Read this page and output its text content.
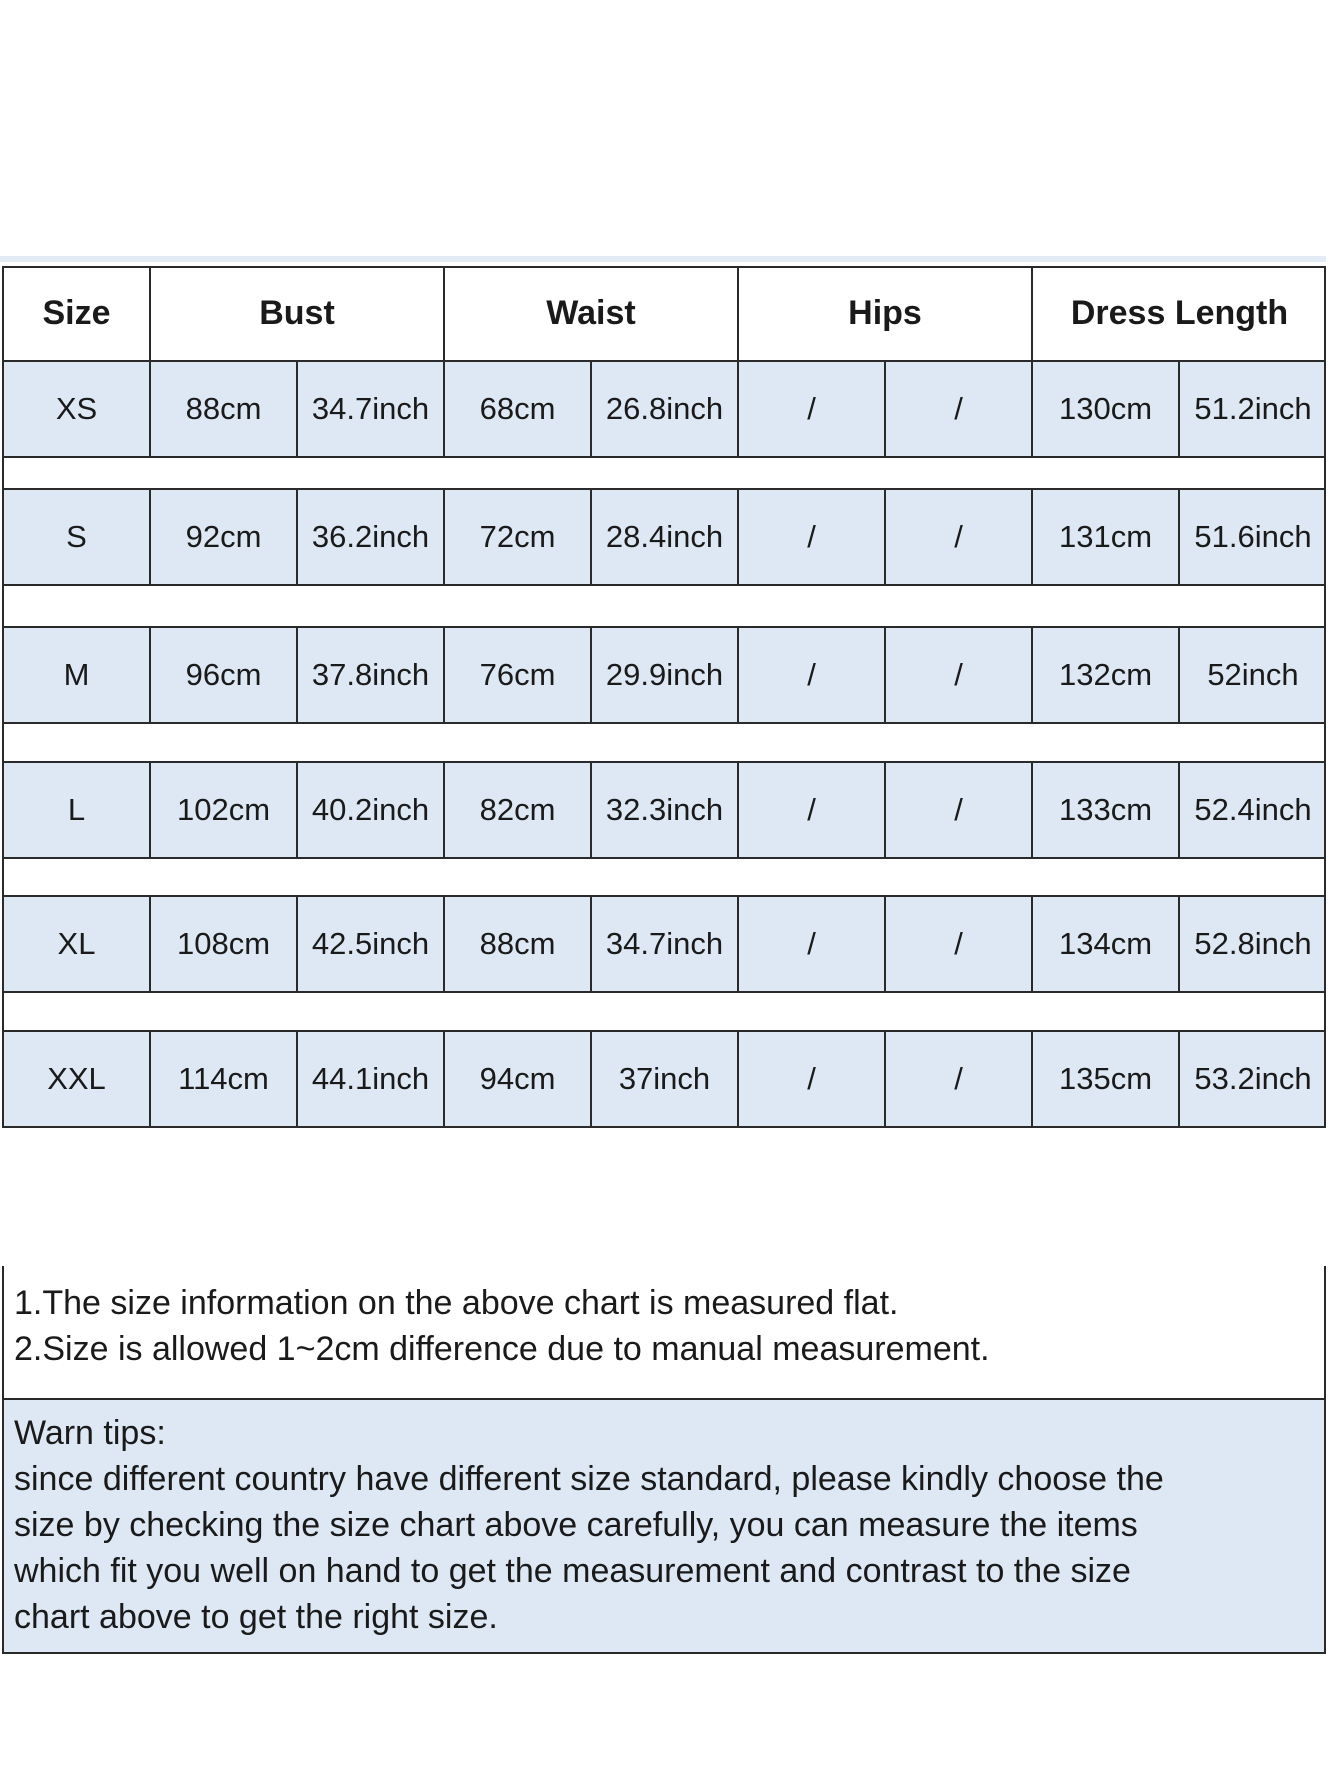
Size	Bust	Waist	Hips	Dress Length

1.The size information on the above chart is measured flat.

2.Size is allowed 1~2cm difference due to manual measurement.

Warn tips:

since different country have different size standard, please kindly choose the

size by checking the size chart above carefully, you can measure the items

which fit you well on hand to get the measurement and contrast to the size

chart above to get the right size.

XS	88cm	34.7inch	68cm	26.8inch	/	/	130cm	51.2inch
S	92cm	36.2inch	72cm	28.4inch	/	/	131cm	51.6inch
M	96cm	37.8inch	76cm	29.9inch	/	/	132cm	52inch
L	102cm	40.2inch	82cm	32.3inch	/	/	133cm	52.4inch
XL	108cm	42.5inch	88cm	34.7inch	/	/	134cm	52.8inch
XXL	114cm	44.1inch	94cm	37inch	/	/	135cm	53.2inch
